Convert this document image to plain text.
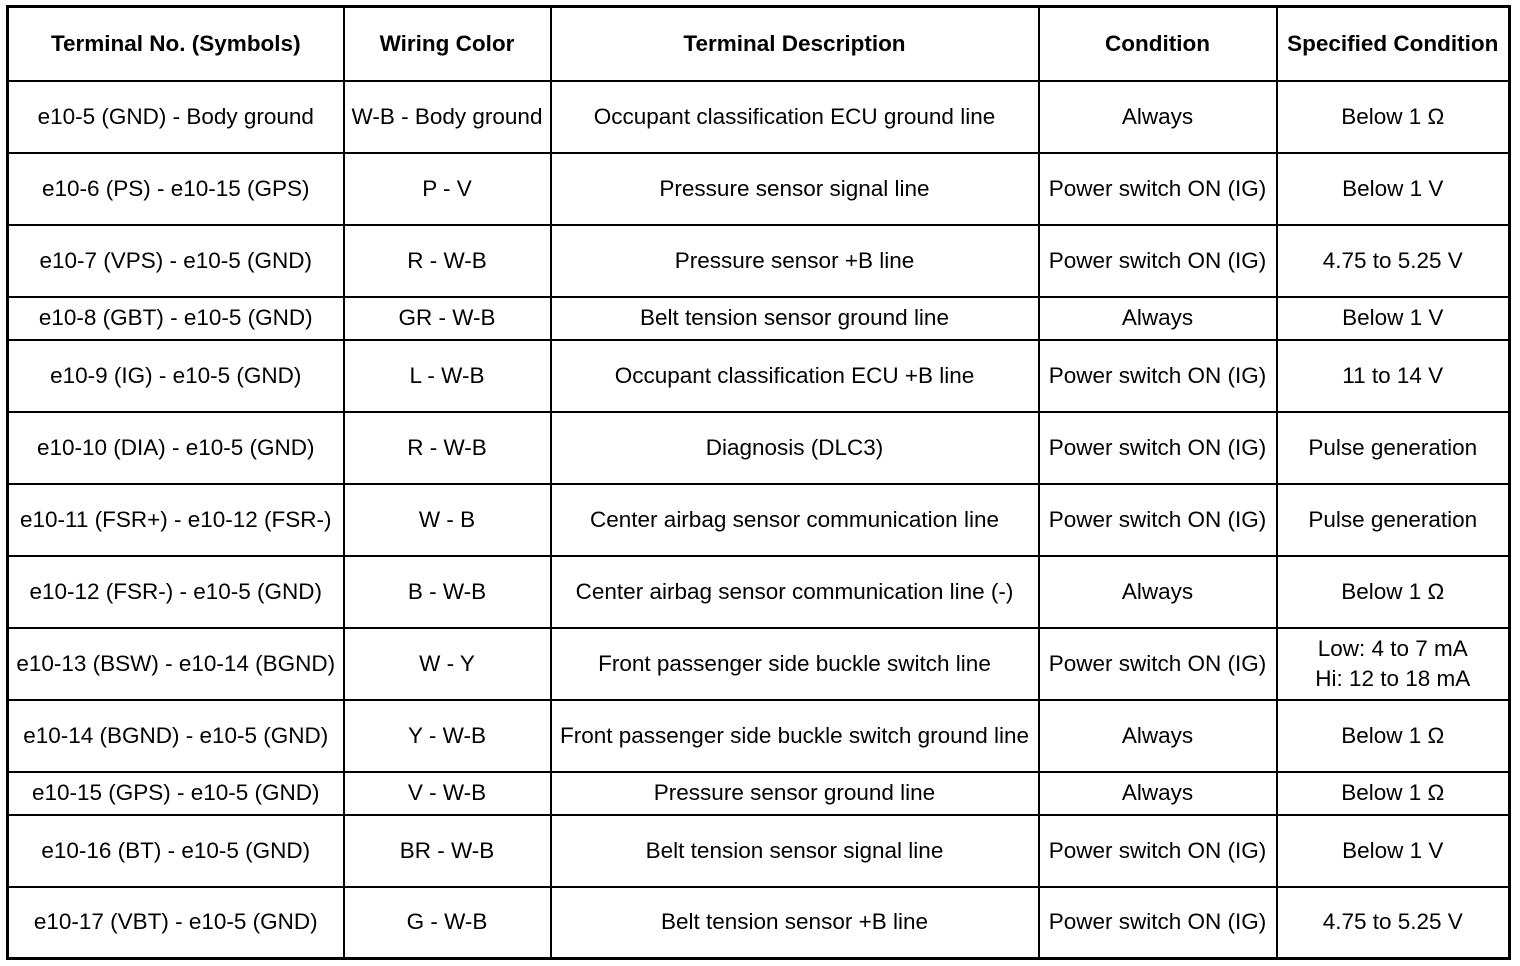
Terminal No. (Symbols)	Wiring Color	Terminal Description	Condition	Specified Condition
e10-5 (GND) - Body ground	W-B - Body ground	Occupant classification ECU ground line	Always	Below 1 Ω

e10-6 (PS) - e10-15 (GPS)	P - V	Pressure sensor signal line	Power switch ON (IG)	Below 1 V

e10-7 (VPS) - e10-5 (GND)	R - W-B	Pressure sensor +B line	Power switch ON (IG)	4.75 to 5.25 V

e10-8 (GBT) - e10-5 (GND)	GR - W-B	Belt tension sensor ground line	Always	Below 1 V

e10-9 (IG) - e10-5 (GND)	L - W-B	Occupant classification ECU +B line	Power switch ON (IG)	11 to 14 V

e10-10 (DIA) - e10-5 (GND)	R - W-B	Diagnosis (DLC3)	Power switch ON (IG)	Pulse generation

e10-11 (FSR+) - e10-12 (FSR-)	W - B	Center airbag sensor communication line	Power switch ON (IG)	Pulse generation

e10-12 (FSR-) - e10-5 (GND)	B - W-B	Center airbag sensor communication line (-)	Always	Below 1 Ω

e10-13 (BSW) - e10-14 (BGND)	W - Y	Front passenger side buckle switch line	Power switch ON (IG)	Low: 4 to 7 mA
Hi: 12 to 18 mA

e10-14 (BGND) - e10-5 (GND)	Y - W-B	Front passenger side buckle switch ground line	Always	Below 1 Ω

e10-15 (GPS) - e10-5 (GND)	V - W-B	Pressure sensor ground line	Always	Below 1 Ω

e10-16 (BT) - e10-5 (GND)	BR - W-B	Belt tension sensor signal line	Power switch ON (IG)	Below 1 V

e10-17 (VBT) - e10-5 (GND)	G - W-B	Belt tension sensor +B line	Power switch ON (IG)	4.75 to 5.25 V
